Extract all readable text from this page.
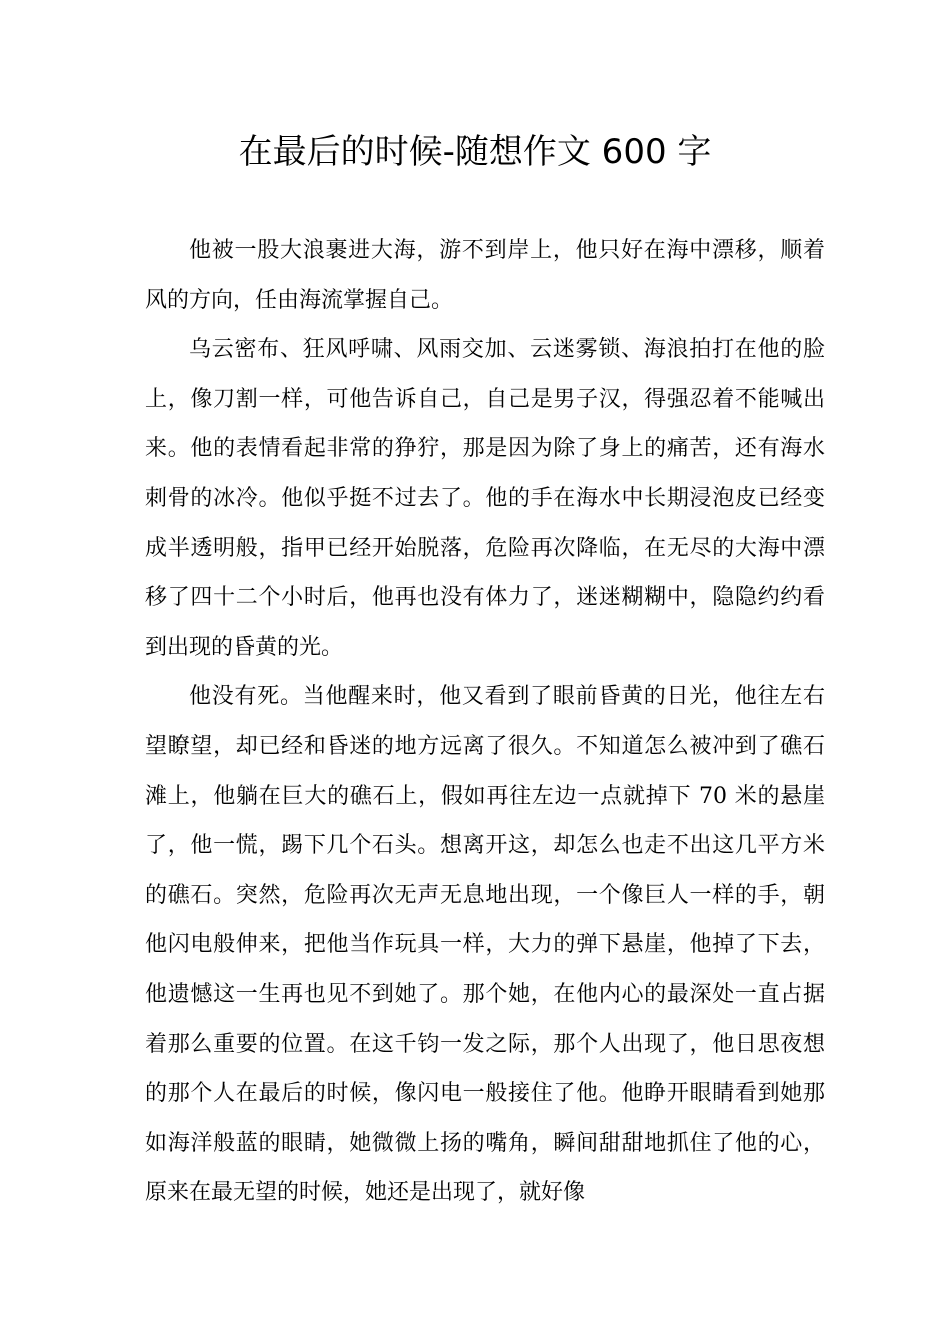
在最后的时候-随想作文 600 字

他被一股大浪裹进大海，游不到岸上，他只好在海中漂移，顺着风的方向，任由海流掌握自己。

乌云密布、狂风呼啸、风雨交加、云迷雾锁、海浪拍打在他的脸上，像刀割一样，可他告诉自己，自己是男子汉，得强忍着不能喊出来。他的表情看起非常的狰狞，那是因为除了身上的痛苦，还有海水刺骨的冰冷。他似乎挺不过去了。他的手在海水中长期浸泡皮已经变成半透明般，指甲已经开始脱落，危险再次降临，在无尽的大海中漂移了四十二个小时后，他再也没有体力了，迷迷糊糊中，隐隐约约看到出现的昏黄的光。

他没有死。当他醒来时，他又看到了眼前昏黄的日光，他往左右望瞭望，却已经和昏迷的地方远离了很久。不知道怎么被冲到了礁石滩上，他躺在巨大的礁石上，假如再往左边一点就掉下 70 米的悬崖了，他一慌，踢下几个石头。想离开这，却怎么也走不出这几平方米的礁石。突然，危险再次无声无息地出现，一个像巨人一样的手，朝他闪电般伸来，把他当作玩具一样，大力的弹下悬崖，他掉了下去，他遗憾这一生再也见不到她了。那个她，在他内心的最深处一直占据着那么重要的位置。在这千钧一发之际，那个人出现了，他日思夜想的那个人在最后的时候，像闪电一般接住了他。他睁开眼睛看到她那如海洋般蓝的眼睛，她微微上扬的嘴角，瞬间甜甜地抓住了他的心，原来在最无望的时候，她还是出现了，就好像
